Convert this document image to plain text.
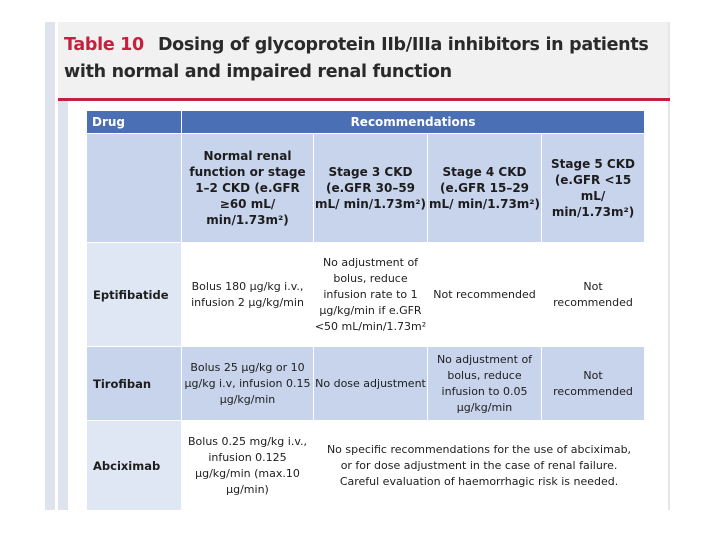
Table 10 Dosing of glycoprotein IIb/IIIa inhibitors in patients with normal and impaired renal function
Drug	Recommendations			
	Normal renal function or stage 1–2 CKD (e.GFR ≥60 mL/ min/1.73m²)	Stage 3 CKD (e.GFR 30–59 mL/ min/1.73m²)	Stage 4 CKD (e.GFR 15–29 mL/ min/1.73m²)	Stage 5 CKD (e.GFR <15 mL/ min/1.73m²)
Eptifibatide	Bolus 180 µg/kg i.v., infusion 2 µg/kg/min	No adjustment of bolus, reduce infusion rate to 1 µg/kg/min if e.GFR <50 mL/min/1.73m²	Not recommended	Not recommended
Tirofiban	Bolus 25 µg/kg or 10 µg/kg i.v, infusion 0.15 µg/kg/min	No dose adjustment	No adjustment of bolus, reduce infusion to 0.05 µg/kg/min	Not recommended
Abciximab	Bolus 0.25 mg/kg i.v., infusion 0.125 µg/kg/min (max.10 µg/min)	No specific recommendations for the use of abciximab, or for dose adjustment in the case of renal failure. Careful evaluation of haemorrhagic risk is needed.		
